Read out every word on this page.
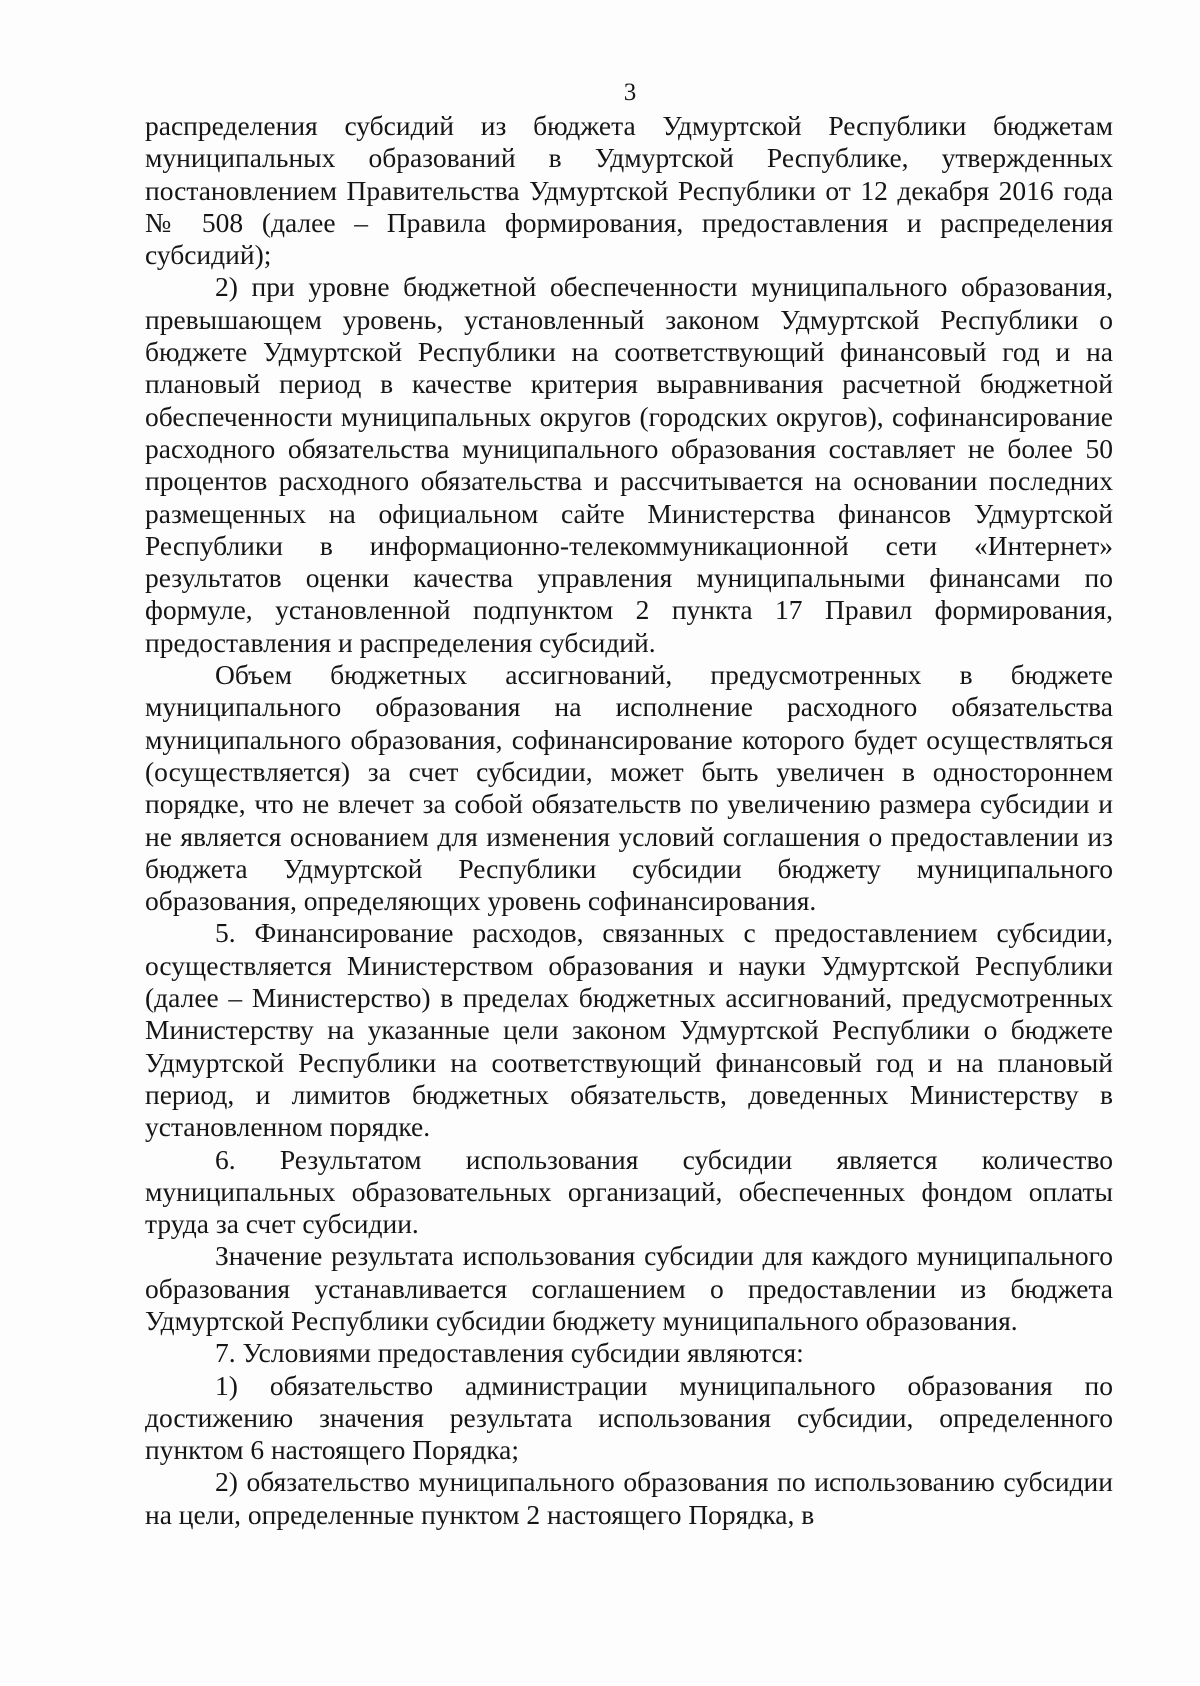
3

распределения субсидий из бюджета Удмуртской Республики бюджетам муниципальных образований в Удмуртской Республике, утвержденных постановлением Правительства Удмуртской Республики от 12 декабря 2016 года № 508 (далее – Правила формирования, предоставления и распределения субсидий);

2) при уровне бюджетной обеспеченности муниципального образования, превышающем уровень, установленный законом Удмуртской Республики о бюджете Удмуртской Республики на соответствующий финансовый год и на плановый период в качестве критерия выравнивания расчетной бюджетной обеспеченности муниципальных округов (городских округов), софинансирование расходного обязательства муниципального образования составляет не более 50 процентов расходного обязательства и рассчитывается на основании последних размещенных на официальном сайте Министерства финансов Удмуртской Республики в информационно-телекоммуникационной сети «Интернет» результатов оценки качества управления муниципальными финансами по формуле, установленной подпунктом 2 пункта 17 Правил формирования, предоставления и распределения субсидий.

Объем бюджетных ассигнований, предусмотренных в бюджете муниципального образования на исполнение расходного обязательства муниципального образования, софинансирование которого будет осуществляться (осуществляется) за счет субсидии, может быть увеличен в одностороннем порядке, что не влечет за собой обязательств по увеличению размера субсидии и не является основанием для изменения условий соглашения о предоставлении из бюджета Удмуртской Республики субсидии бюджету муниципального образования, определяющих уровень софинансирования.

5. Финансирование расходов, связанных с предоставлением субсидии, осуществляется Министерством образования и науки Удмуртской Республики (далее – Министерство) в пределах бюджетных ассигнований, предусмотренных Министерству на указанные цели законом Удмуртской Республики о бюджете Удмуртской Республики на соответствующий финансовый год и на плановый период, и лимитов бюджетных обязательств, доведенных Министерству в установленном порядке.

6. Результатом использования субсидии является количество муниципальных образовательных организаций, обеспеченных фондом оплаты труда за счет субсидии.

Значение результата использования субсидии для каждого муниципального образования устанавливается соглашением о предоставлении из бюджета Удмуртской Республики субсидии бюджету муниципального образования.

7. Условиями предоставления субсидии являются:

1) обязательство администрации муниципального образования по достижению значения результата использования субсидии, определенного пунктом 6 настоящего Порядка;

2) обязательство муниципального образования по использованию субсидии на цели, определенные пунктом 2 настоящего Порядка, в
